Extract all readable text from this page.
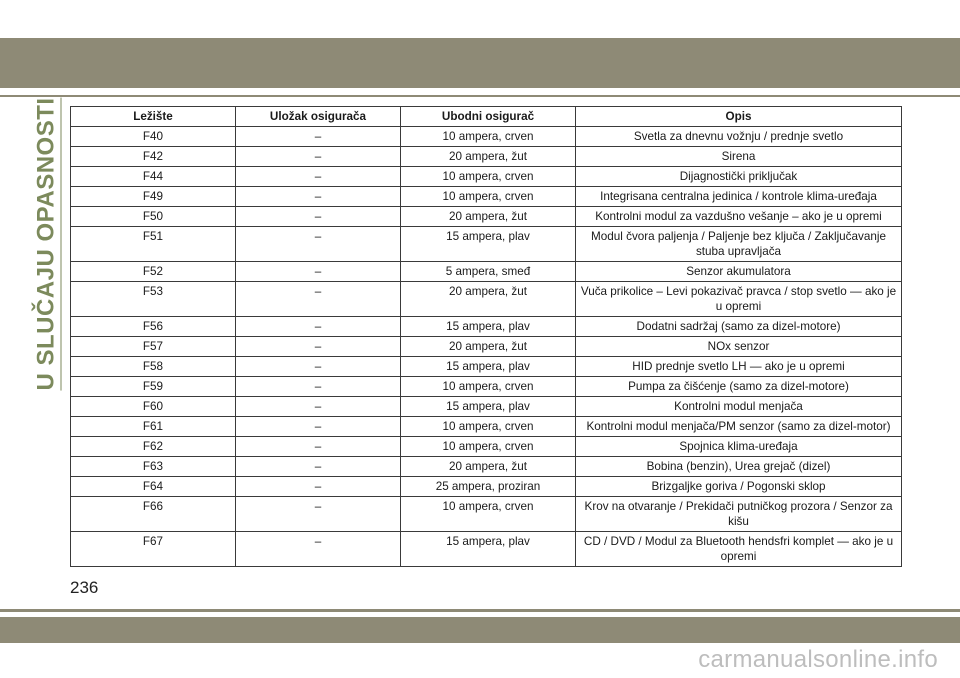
U SLUČAJU OPASNOSTI	Ležište	Uložak osigurača	Ubodni osigurač	Opis
F40	–	10 ampera, crven	Svetla za dnevnu vožnju / prednje svetlo
F42	–	20 ampera, žut	Sirena
F44	–	10 ampera, crven	Dijagnostički priključak
F49	–	10 ampera, crven	Integrisana centralna jedinica / kontrole klima-uređaja
F50	–	20 ampera, žut	Kontrolni modul za vazdušno vešanje – ako je u opremi
F51	–	15 ampera, plav	Modul čvora paljenja / Paljenje bez ključa / Zaključavanje stuba upravljača
F52	–	5 ampera, smeđ	Senzor akumulatora
F53	–	20 ampera, žut	Vuča prikolice – Levi pokazivač pravca / stop svetlo — ako je u opremi
F56	–	15 ampera, plav	Dodatni sadržaj (samo za dizel-motore)
F57	–	20 ampera, žut	NOx senzor
F58	–	15 ampera, plav	HID prednje svetlo LH — ako je u opremi
F59	–	10 ampera, crven	Pumpa za čišćenje (samo za dizel-motore)
F60	–	15 ampera, plav	Kontrolni modul menjača
F61	–	10 ampera, crven	Kontrolni modul menjača/PM senzor (samo za dizel-motor)
F62	–	10 ampera, crven	Spojnica klima-uređaja
F63	–	20 ampera, žut	Bobina (benzin), Urea grejač (dizel)
F64	–	25 ampera, proziran	Brizgaljke goriva / Pogonski sklop
F66	–	10 ampera, crven	Krov na otvaranje / Prekidači putničkog prozora / Senzor za kišu
F67	–	15 ampera, plav	CD / DVD / Modul za Bluetooth hendsfri komplet — ako je u opremi
236
carmanualsonline.info
